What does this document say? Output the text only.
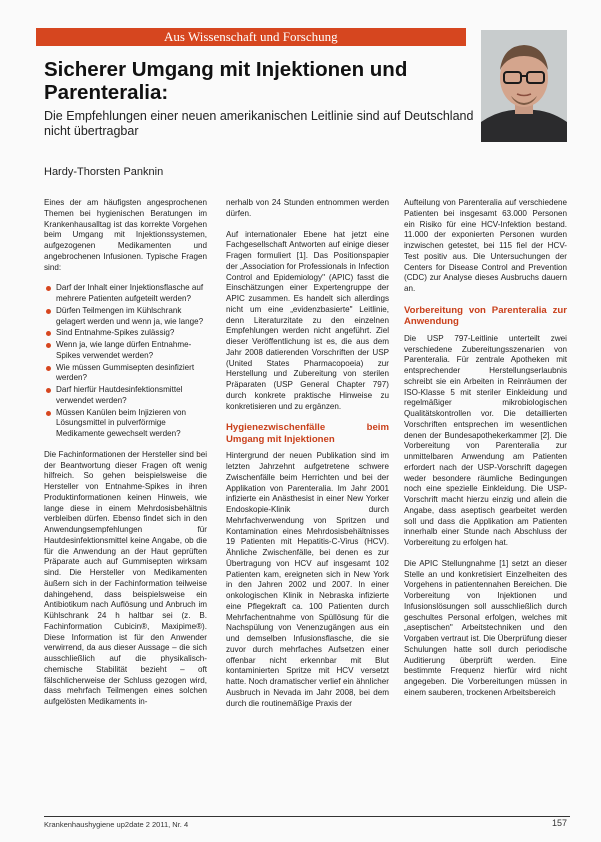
Aus Wissenschaft und Forschung
Sicherer Umgang mit Injektionen und Parenteralia:

Die Empfehlungen einer neuen amerikanischen Leitlinie sind auf Deutschland nicht übertragbar

Hardy-Thorsten Panknin

Eines der am häufigsten angesprochenen Themen bei hygienischen Beratungen im Krankenhausalltag ist das korrekte Vorgehen beim Umgang mit Injektionssystemen, aufgezogenen Medikamenten und angebrochenen Infusionen. Typische Fragen sind:

Darf der Inhalt einer Injektionsflasche auf mehrere Patienten aufgeteilt werden?
Dürfen Teilmengen im Kühlschrank gelagert werden und wenn ja, wie lange?
Sind Entnahme-Spikes zulässig?
Wenn ja, wie lange dürfen Entnahme-Spikes verwendet werden?
Wie müssen Gummisepten desinfiziert werden?
Darf hierfür Hautdesinfektionsmittel verwendet werden?
Müssen Kanülen beim Injizieren von Lösungsmittel in pulverförmige Medikamente gewechselt werden?

Die Fachinformationen der Hersteller sind bei der Beantwortung dieser Fragen oft wenig hilfreich. So gehen beispielsweise die Hersteller von Entnahme-Spikes in ihren Produktinformationen keinen Hinweis, wie lange diese in einem Mehrdosisbehältnis verbleiben dürfen. Ebenso findet sich in den Anwendungsempfehlungen für Hautdesinfektionsmittel keine Angabe, ob die für die Anwendung an der Haut geprüften Präparate auch auf Gummisepten wirksam sind. Die Hersteller von Medikamenten äußern sich in der Fachinformation teilweise dahingehend, dass beispielsweise ein Antibiotikum nach Auflösung und Anbruch im Kühlschrank 24 h haltbar sei (z. B. Fachinformation Cubicin®, Maxipime®). Diese Information ist für den Anwender verwirrend, da aus dieser Aussage – die sich ausschließlich auf die physikalisch-chemische Stabilität bezieht – oft fälschlicherweise der Schluss gezogen wird, dass mehrfach Teilmengen eines solchen aufgelösten Medikaments in-

nerhalb von 24 Stunden entnommen werden dürfen.

Auf internationaler Ebene hat jetzt eine Fachgesellschaft Antworten auf einige dieser Fragen formuliert [1]. Das Positionspapier der „Association for Professionals in Infection Control and Epidemiology" (APIC) fasst die Einschätzungen einer Expertengruppe der APIC zusammen. Es handelt sich allerdings nicht um eine „evidenzbasierte" Leitlinie, denn Literaturzitate zu den einzelnen Empfehlungen werden nicht angeführt. Ziel dieser Veröffentlichung ist es, die aus dem Jahr 2008 datierenden Vorschriften der USP (United States Pharmacopoeia) zur Herstellung und Zubereitung von sterilen Präparaten (USP General Chapter 797) durch konkrete praktische Hinweise zu konkretisieren und zu ergänzen.

Hygienezwischenfälle beim Umgang mit Injektionen

Hintergrund der neuen Publikation sind im letzten Jahrzehnt aufgetretene schwere Zwischenfälle beim Herrichten und bei der Applikation von Parenteralia. Im Jahr 2001 infizierte ein Anästhesist in einer New Yorker Endoskopie-Klinik durch Mehrfachverwendung von Spritzen und Kontamination eines Mehrdosisbehältnisses 19 Patienten mit Hepatitis-C-Virus (HCV). Ähnliche Zwischenfälle, bei denen es zur Übertragung von HCV auf insgesamt 102 Patienten kam, ereigneten sich in New York in den Jahren 2002 und 2007. In einer onkologischen Klinik in Nebraska infizierte eine Pflegekraft ca. 100 Patienten durch Mehrfachentnahme von Spüllösung für die Nachspülung von Venenzugängen aus ein und demselben Infusionsflasche, die sie zuvor durch mehrfaches Aufsetzen einer offenbar nicht erkennbar mit Blut kontaminierten Spritze mit HCV versetzt hatte. Noch dramatischer verlief ein ähnlicher Ausbruch in Nevada im Jahr 2008, bei dem durch die routinemäßige Praxis der

Aufteilung von Parenteralia auf verschiedene Patienten bei insgesamt 63.000 Personen ein Risiko für eine HCV-Infektion bestand. 11.000 der exponierten Personen wurden inzwischen getestet, bei 115 fiel der HCV-Test positiv aus. Die Untersuchungen der Centers for Disease Control and Prevention (CDC) zur Analyse dieses Ausbruchs dauern an.

Vorbereitung von Parenteralia zur Anwendung

Die USP 797-Leitlinie unterteilt zwei verschiedene Zubereitungsszenarien von Parenteralia. Für zentrale Apotheken mit entsprechender Herstellungserlaubnis schreibt sie ein Arbeiten in Reinräumen der ISO-Klasse 5 mit steriler Einkleidung und regelmäßiger mikrobiologischen Qualitätskontrollen vor. Die detaillierten Vorschriften entsprechen im wesentlichen denen der Bundesapothekerkammer [2]. Die Vorbereitung von Parenteralia zur unmittelbaren Anwendung am Patienten erfordert nach der USP-Vorschrift dagegen weder besondere räumliche Bedingungen noch eine spezielle Einkleidung. Die USP-Vorschrift macht hierzu einzig und allein die Angabe, dass aseptisch gearbeitet werden soll und dass die Applikation am Patienten innerhalb einer Stunde nach Abschluss der Vorbereitung zu erfolgen hat.

Die APIC Stellungnahme [1] setzt an dieser Stelle an und konkretisiert Einzelheiten des Vorgehens in patientennahen Bereichen. Die Vorbereitung von Injektionen und Infusionslösungen soll ausschließlich durch geschultes Personal erfolgen, welches mit „aseptischen" Arbeitstechniken und den Vorgaben vertraut ist. Die Überprüfung dieser Schulungen hatte soll durch periodische Auditierung überprüft werden. Eine bestimmte Frequenz hierfür wird nicht angegeben. Die Vorbereitungen müssen in einem sauberen, trockenen Arbeitsbereich

Krankenhaushygiene up2date 2 2011, Nr. 4	157
